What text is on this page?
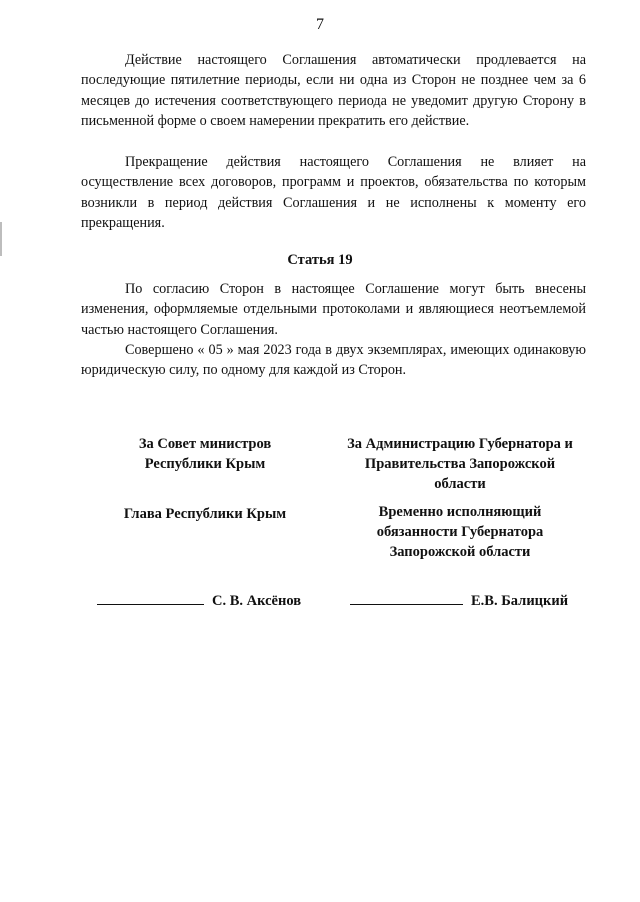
7

Действие настоящего Соглашения автоматически продлевается на последующие пятилетние периоды, если ни одна из Сторон не позднее чем за 6 месяцев до истечения соответствующего периода не уведомит другую Сторону в письменной форме о своем намерении прекратить его действие.

Прекращение действия настоящего Соглашения не влияет на осуществление всех договоров, программ и проектов, обязательства по которым возникли в период действия Соглашения и не исполнены к моменту его прекращения.

Статья 19

По согласию Сторон в настоящее Соглашение могут быть внесены изменения, оформляемые отдельными протоколами и являющиеся неотъемлемой частью настоящего Соглашения.

Совершено « 05 » мая 2023 года в двух экземплярах, имеющих одинаковую юридическую силу, по одному для каждой из Сторон.

За Совет министров
Республики Крым
За Администрацию Губернатора и
Правительства Запорожской
области
Глава Республики Крым	Временно исполняющий
обязанности Губернатора
Запорожской области
С. В. Аксёнов	Е.В. Балицкий
